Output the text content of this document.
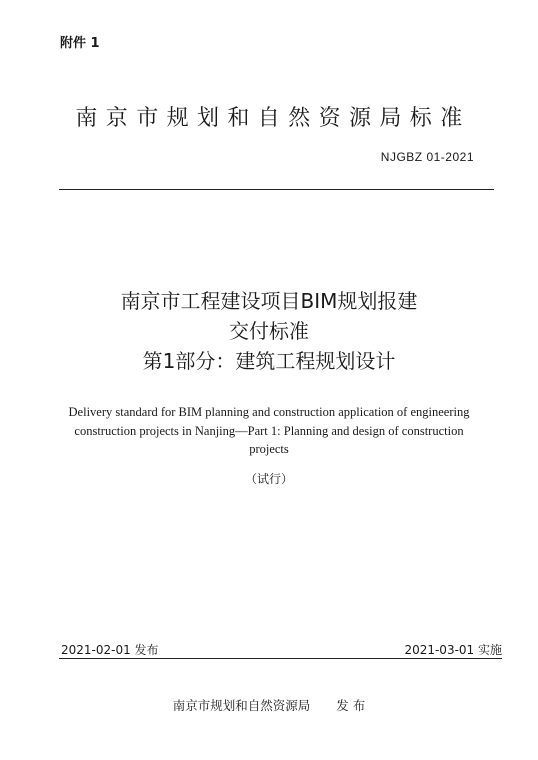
附件 1
南京市规划和自然资源局标准
NJGBZ 01-2021
南京市工程建设项目BIM规划报建
交付标准
第1部分：建筑工程规划设计
Delivery standard for BIM planning and construction application of engineering construction projects in Nanjing—Part 1: Planning and design of construction projects
（试行）
2021-02-01 发布	2021-03-01 实施
南京市规划和自然资源局 发 布
